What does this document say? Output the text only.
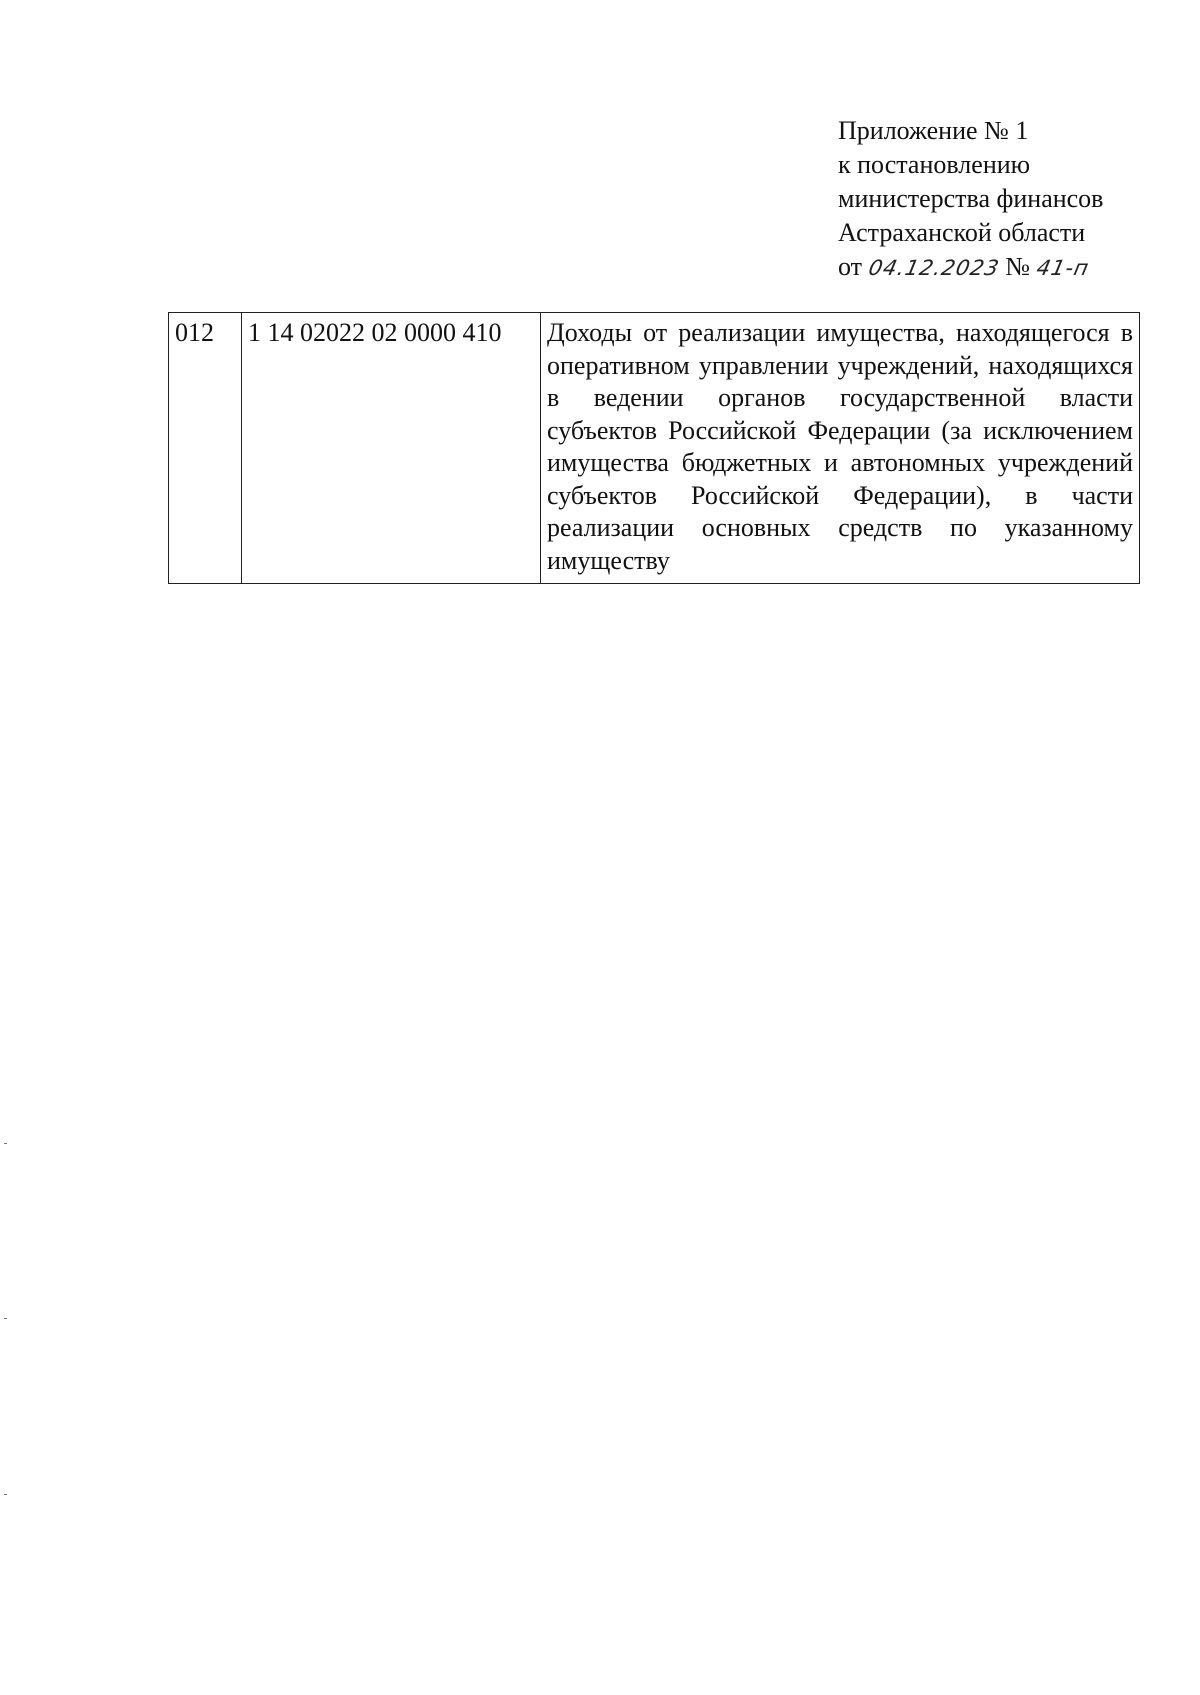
Приложение № 1
к постановлению
министерства финансов
Астраханской области
от 04.12.2023 № 41-п
012	1 14 02022 02 0000 410	Доходы от реализации имущества, находящегося в оперативном управлении учреждений, находящихся в ведении органов государственной власти субъектов Российской Федерации (за исключением имущества бюджетных и автономных учреждений субъектов Российской Федерации), в части реализации основных средств по указанному имуществу
